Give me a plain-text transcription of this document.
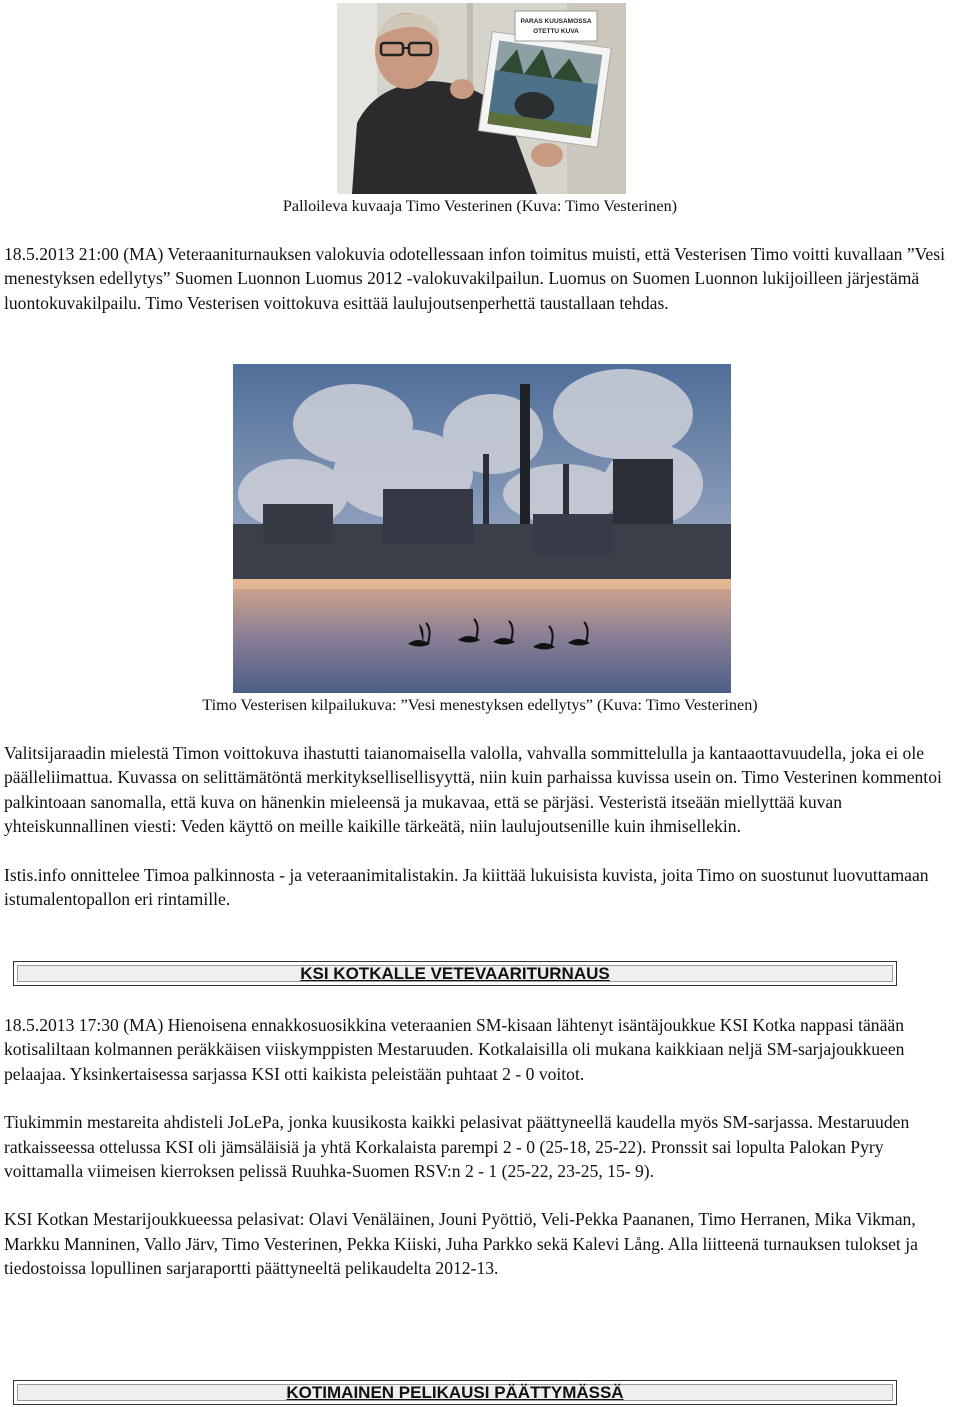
PARAS KUUSAMOSSA
OTETTU KUVA
Palloileva kuvaaja Timo Vesterinen (Kuva: Timo Vesterinen)

18.5.2013 21:00 (MA) Veteraaniturnauksen valokuvia odotellessaan infon toimitus muisti, että Vesterisen Timo voitti kuvallaan ”Vesi menestyksen edellytys” Suomen Luonnon Luomus 2012 -valokuvakilpailun. Luomus on Suomen Luonnon lukijoilleen järjestämä luontokuvakilpailu. Timo Vesterisen voittokuva esittää laulujoutsenperhettä taustallaan tehdas.

Timo Vesterisen kilpailukuva: ”Vesi menestyksen edellytys” (Kuva: Timo Vesterinen)

Valitsijaraadin mielestä Timon voittokuva ihastutti taianomaisella valolla, vahvalla sommittelulla ja kantaaottavuudella, joka ei ole päälleliimattua. Kuvassa on selittämätöntä merkityksellisellisyyttä, niin kuin parhaissa kuvissa usein on. Timo Vesterinen kommentoi palkintoaan sanomalla, että kuva on hänenkin mieleensä ja mukavaa, että se pärjäsi. Vesteristä itseään miellyttää kuvan yhteiskunnallinen viesti: Veden käyttö on meille kaikille tärkeätä, niin laulujoutsenille kuin ihmisellekin.

Istis.info onnittelee Timoa palkinnosta - ja veteraanimitalistakin. Ja kiittää lukuisista kuvista, joita Timo on suostunut luovuttamaan istumalentopallon eri rintamille.

KSI KOTKALLE VETEVAARITURNAUS

18.5.2013 17:30 (MA) Hienoisena ennakkosuosikkina veteraanien SM-kisaan lähtenyt isäntäjoukkue KSI Kotka nappasi tänään kotisaliltaan kolmannen peräkkäisen viiskymppisten Mestaruuden. Kotkalaisilla oli mukana kaikkiaan neljä SM-sarjajoukkueen pelaajaa. Yksinkertaisessa sarjassa KSI otti kaikista peleistään puhtaat 2 - 0 voitot.

Tiukimmin mestareita ahdisteli JoLePa, jonka kuusikosta kaikki pelasivat päättyneellä kaudella myös SM-sarjassa. Mestaruuden ratkaisseessa ottelussa KSI oli jämsäläisiä ja yhtä Korkalaista parempi 2 - 0 (25-18, 25-22). Pronssit sai lopulta Palokan Pyry voittamalla viimeisen kierroksen pelissä Ruuhka-Suomen RSV:n 2 - 1 (25-22, 23-25, 15- 9).

KSI Kotkan Mestarijoukkueessa pelasivat: Olavi Venäläinen, Jouni Pyöttiö, Veli-Pekka Paananen, Timo Herranen, Mika Vikman, Markku Manninen, Vallo Järv, Timo Vesterinen, Pekka Kiiski, Juha Parkko sekä Kalevi Lång. Alla liitteenä turnauksen tulokset ja tiedostoissa lopullinen sarjaraportti päättyneeltä pelikaudelta 2012-13.

KOTIMAINEN PELIKAUSI PÄÄTTYMÄSSÄ
